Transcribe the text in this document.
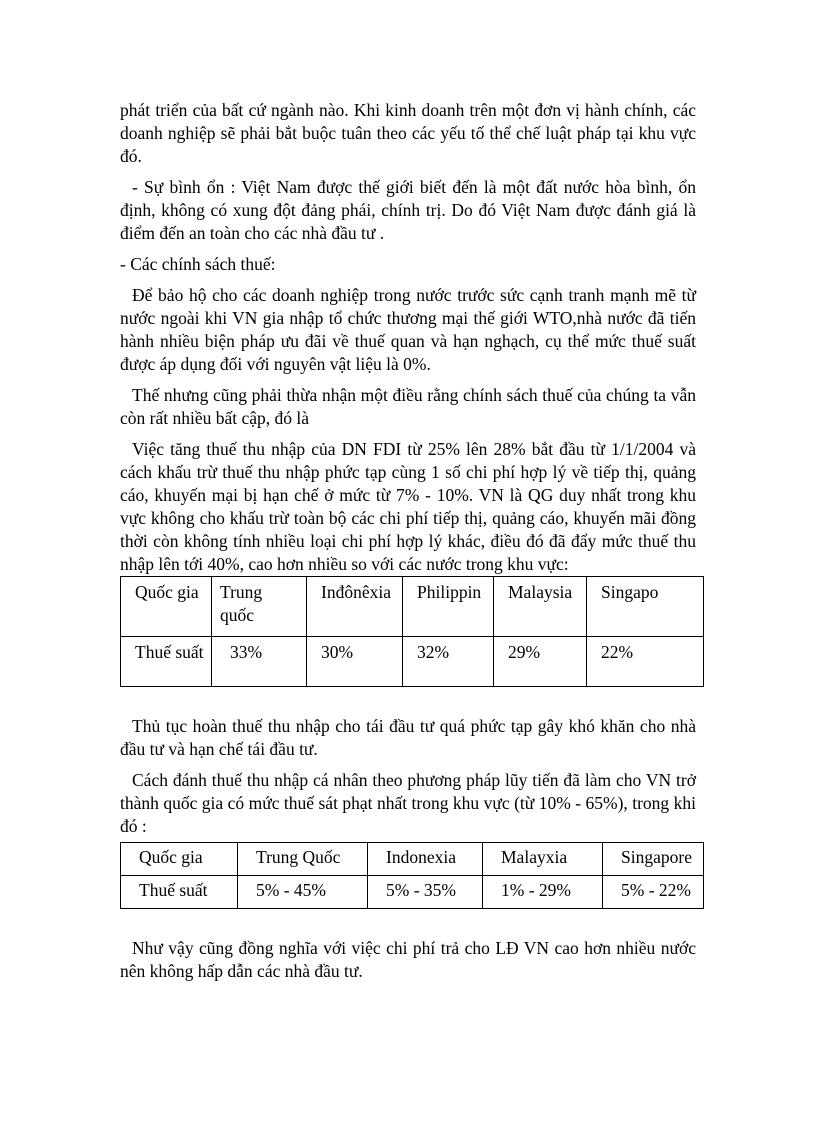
phát triển của bất cứ ngành nào. Khi kinh doanh trên một đơn vị hành chính, các doanh nghiệp sẽ phải bắt buộc tuân theo các yếu tố thể chế luật pháp tại khu vực đó.

- Sự bình ổn : Việt Nam được thế giới biết đến là một đất nước hòa bình, ổn định, không có xung đột đảng phái, chính trị. Do đó Việt Nam được đánh giá là điểm đến an toàn cho các nhà đầu tư .

- Các chính sách thuế:

Để bảo hộ cho các doanh nghiệp trong nước trước sức cạnh tranh mạnh mẽ từ nước ngoài khi VN gia nhập tổ chức thương mại thế giới WTO,nhà nước đã tiến hành nhiều biện pháp ưu đãi về thuế quan và hạn nghạch, cụ thể mức thuế suất được áp dụng đối với nguyên vật liệu là 0%.

Thế nhưng cũng phải thừa nhận một điều rằng chính sách thuế của chúng ta vẫn còn rất nhiều bất cập, đó là

Việc tăng thuế thu nhập của DN FDI từ 25% lên 28% bắt đầu từ 1/1/2004 và cách khấu trừ thuế thu nhập phức tạp cùng 1 số chi phí hợp lý về tiếp thị, quảng cáo, khuyến mại bị hạn chế ở mức từ 7% - 10%. VN là QG duy nhất trong khu vực không cho khấu trừ toàn bộ các chi phí tiếp thị, quảng cáo, khuyến mãi đồng thời còn không tính nhiều loại chi phí hợp lý khác, điều đó đã đẩy mức thuế thu nhập lên tới 40%, cao hơn nhiều so với các nước trong khu vực:

Quốc gia	Trung quốc	Inđônêxia	Philippin	Malaysia	Singapo
Thuế suất	33%	30%	32%	29%	22%

Thủ tục hoàn thuế thu nhập cho tái đầu tư quá phức tạp gây khó khăn cho nhà đầu tư và hạn chế tái đầu tư.

Cách đánh thuế thu nhập cá nhân theo phương pháp lũy tiến đã làm cho VN trở thành quốc gia có mức thuế sát phạt nhất trong khu vực (từ 10% - 65%), trong khi đó :

Quốc gia	Trung Quốc	Indonexia	Malayxia	Singapore
Thuế suất	5% - 45%	5% - 35%	1% - 29%	5% - 22%

Như vậy cũng đồng nghĩa với việc chi phí trả cho LĐ VN cao hơn nhiều nước nên không hấp dẫn các nhà đầu tư.
